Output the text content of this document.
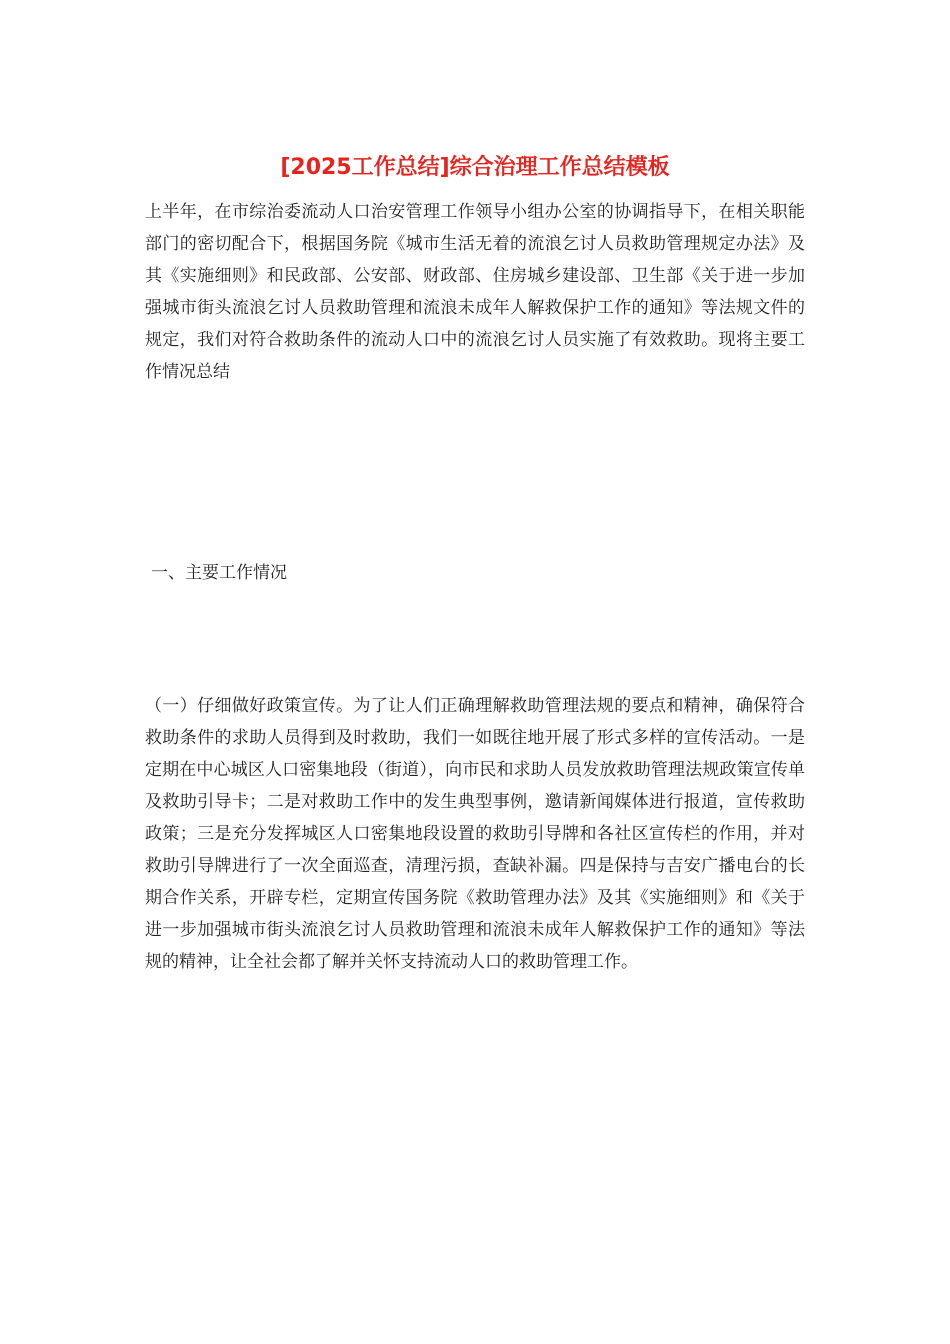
[2025工作总结]综合治理工作总结模板

上半年，在市综治委流动人口治安管理工作领导小组办公室的协调指导下，在相关职能部门的密切配合下，根据国务院《城市生活无着的流浪乞讨人员救助管理规定办法》及其《实施细则》和民政部、公安部、财政部、住房城乡建设部、卫生部《关于进一步加强城市街头流浪乞讨人员救助管理和流浪未成年人解救保护工作的通知》等法规文件的规定，我们对符合救助条件的流动人口中的流浪乞讨人员实施了有效救助。现将主要工作情况总结

一、主要工作情况

（一）仔细做好政策宣传。为了让人们正确理解救助管理法规的要点和精神，确保符合救助条件的求助人员得到及时救助，我们一如既往地开展了形式多样的宣传活动。一是定期在中心城区人口密集地段（街道），向市民和求助人员发放救助管理法规政策宣传单及救助引导卡；二是对救助工作中的发生典型事例，邀请新闻媒体进行报道，宣传救助政策；三是充分发挥城区人口密集地段设置的救助引导牌和各社区宣传栏的作用，并对救助引导牌进行了一次全面巡查，清理污损，查缺补漏。四是保持与吉安广播电台的长期合作关系，开辟专栏，定期宣传国务院《救助管理办法》及其《实施细则》和《关于进一步加强城市街头流浪乞讨人员救助管理和流浪未成年人解救保护工作的通知》等法规的精神，让全社会都了解并关怀支持流动人口的救助管理工作。
